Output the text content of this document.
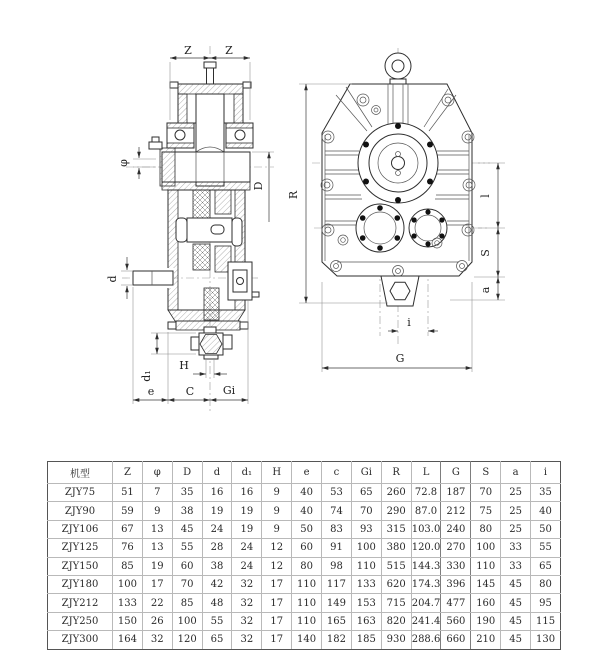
Z	Z
φ
D
d
d₁
H
e	C	Gi
R	l
S
a
i
G
机型	Z	φ	D	d	d₁	H	e	c	Gi	R	L	G	S	a	i
ZJY75	51	7	35	16	16	9	40	53	65	260	72.8	187	70	25	35
ZJY90	59	9	38	19	19	9	40	74	70	290	87.0	212	75	25	40
ZJY106	67	13	45	24	19	9	50	83	93	315	103.0	240	80	25	50
ZJY125	76	13	55	28	24	12	60	91	100	380	120.0	270	100	33	55
ZJY150	85	19	60	38	24	12	80	98	110	515	144.3	330	110	33	65
ZJY180	100	17	70	42	32	17	110	117	133	620	174.3	396	145	45	80
ZJY212	133	22	85	48	32	17	110	149	153	715	204.7	477	160	45	95
ZJY250	150	26	100	55	32	17	110	165	163	820	241.4	560	190	45	115
ZJY300	164	32	120	65	32	17	140	182	185	930	288.6	660	210	45	130
